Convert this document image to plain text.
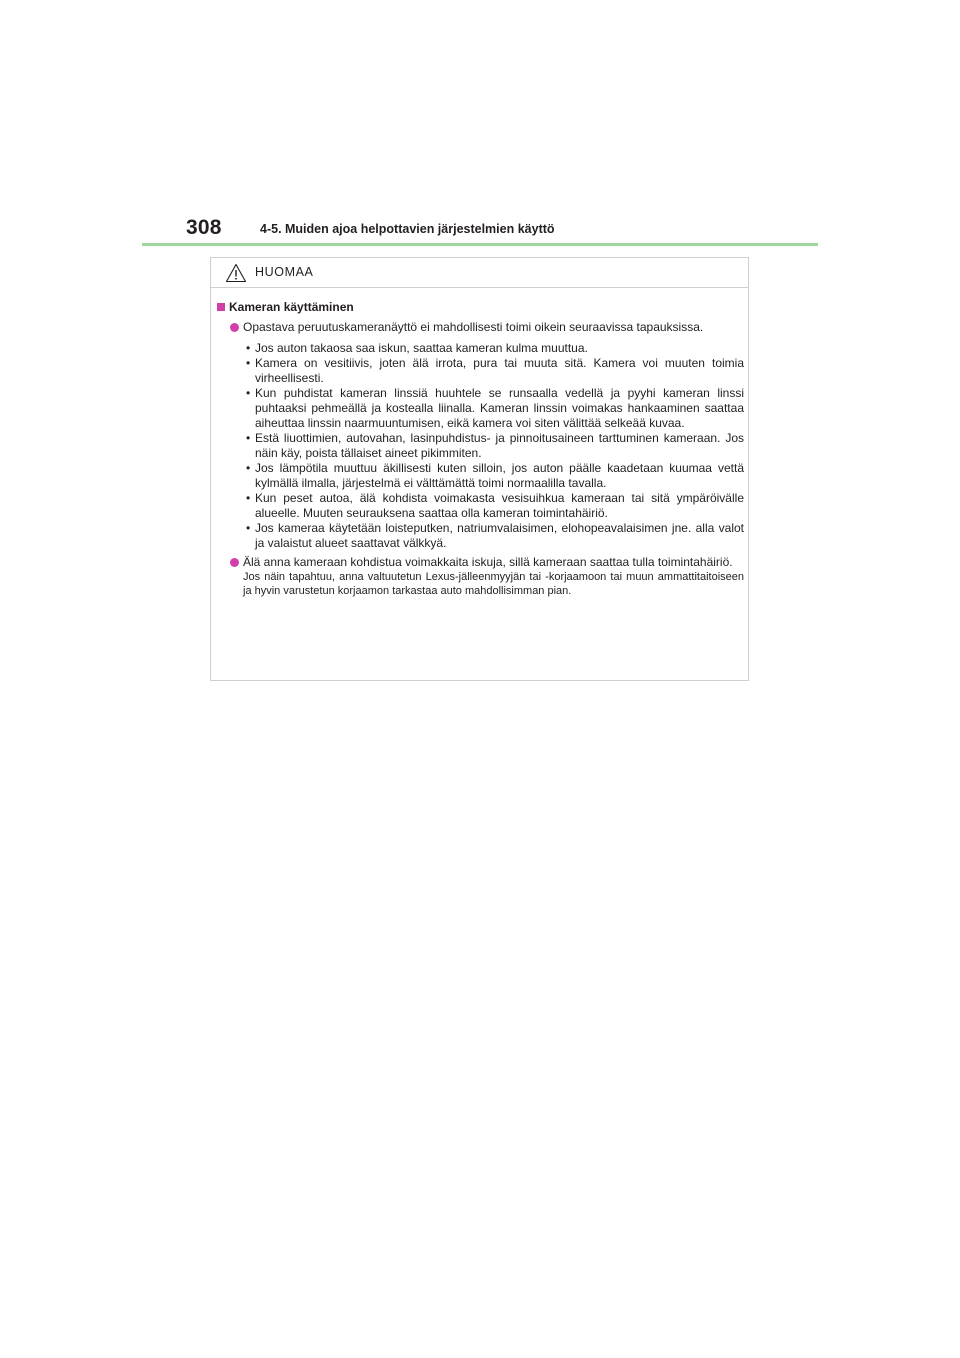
308	4-5. Muiden ajoa helpottavien järjestelmien käyttö
HUOMAA
Kameran käyttäminen
Opastava peruutuskameranäyttö ei mahdollisesti toimi oikein seuraavissa tapauksissa.
• Jos auton takaosa saa iskun, saattaa kameran kulma muuttua.
• Kamera on vesitiivis, joten älä irrota, pura tai muuta sitä. Kamera voi muuten toimia virheellisesti.
• Kun puhdistat kameran linssiä huuhtele se runsaalla vedellä ja pyyhi kameran linssi puhtaaksi pehmeällä ja kostealla liinalla. Kameran linssin voimakas hankaaminen saattaa aiheuttaa linssin naarmuuntumisen, eikä kamera voi siten välittää selkeää kuvaa.
• Estä liuottimien, autovahan, lasinpuhdistus- ja pinnoitusaineen tarttuminen kameraan. Jos näin käy, poista tällaiset aineet pikimmiten.
• Jos lämpötila muuttuu äkillisesti kuten silloin, jos auton päälle kaadetaan kuumaa vettä kylmällä ilmalla, järjestelmä ei välttämättä toimi normaalilla tavalla.
• Kun peset autoa, älä kohdista voimakasta vesisuihkua kameraan tai sitä ympäröivälle alueelle. Muuten seurauksena saattaa olla kameran toimintahäiriö.
• Jos kameraa käytetään loisteputken, natriumvalaisimen, elohopeavalaisimen jne. alla valot ja valaistut alueet saattavat välkkyä.
Älä anna kameraan kohdistua voimakkaita iskuja, sillä kameraan saattaa tulla toimintahäiriö.
Jos näin tapahtuu, anna valtuutetun Lexus-jälleenmyyjän tai -korjaamoon tai muun ammattitaitoiseen ja hyvin varustetun korjaamon tarkastaa auto mahdollisimman pian.
